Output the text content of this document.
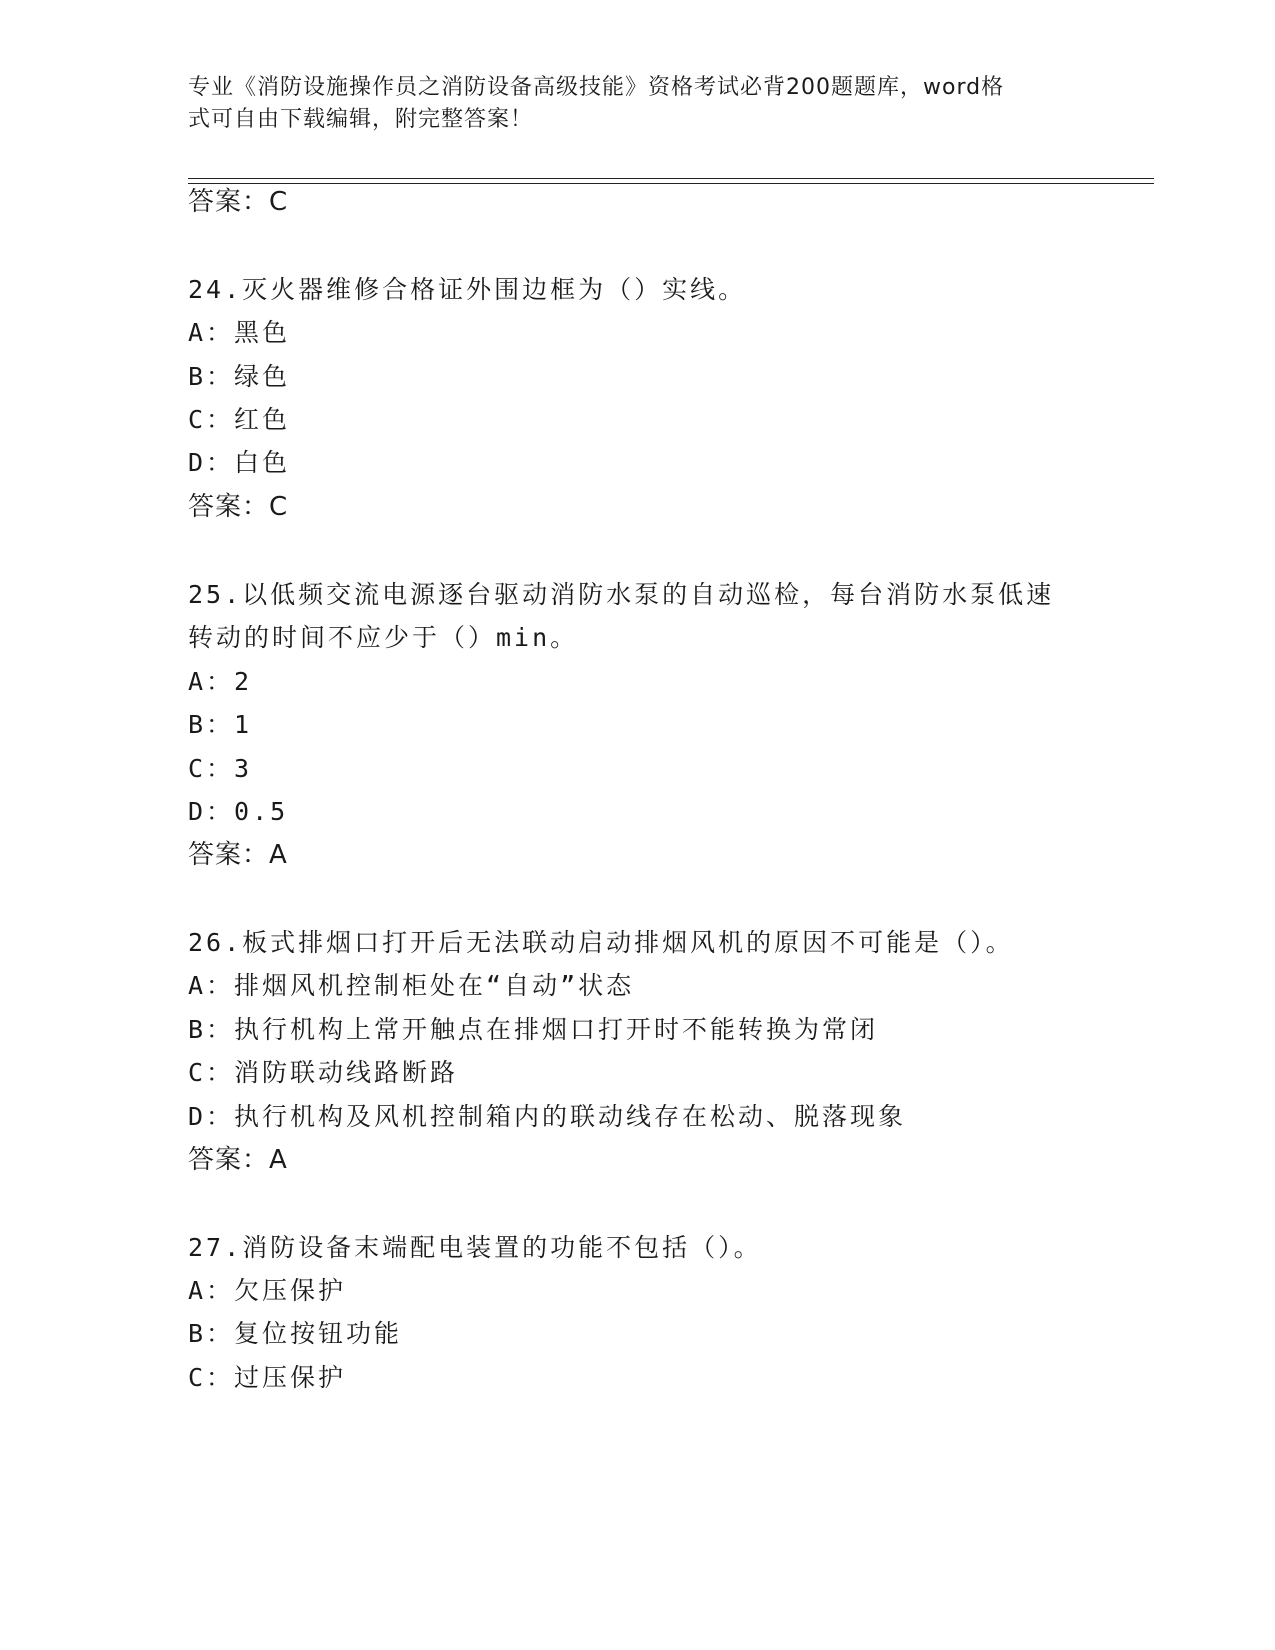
专业《消防设施操作员之消防设备高级技能》资格考试必背200题题库，word格
式可自由下载编辑，附完整答案！
答案：C
24.灭火器维修合格证外围边框为（）实线。
A：黑色
B：绿色
C：红色
D：白色
答案：C
25.以低频交流电源逐台驱动消防水泵的自动巡检，每台消防水泵低速
转动的时间不应少于（）min。
A：2
B：1
C：3
D：0.5
答案：A
26.板式排烟口打开后无法联动启动排烟风机的原因不可能是（）。
A：排烟风机控制柜处在“自动”状态
B：执行机构上常开触点在排烟口打开时不能转换为常闭
C：消防联动线路断路
D：执行机构及风机控制箱内的联动线存在松动、脱落现象
答案：A
27.消防设备末端配电装置的功能不包括（）。
A：欠压保护
B：复位按钮功能
C：过压保护
